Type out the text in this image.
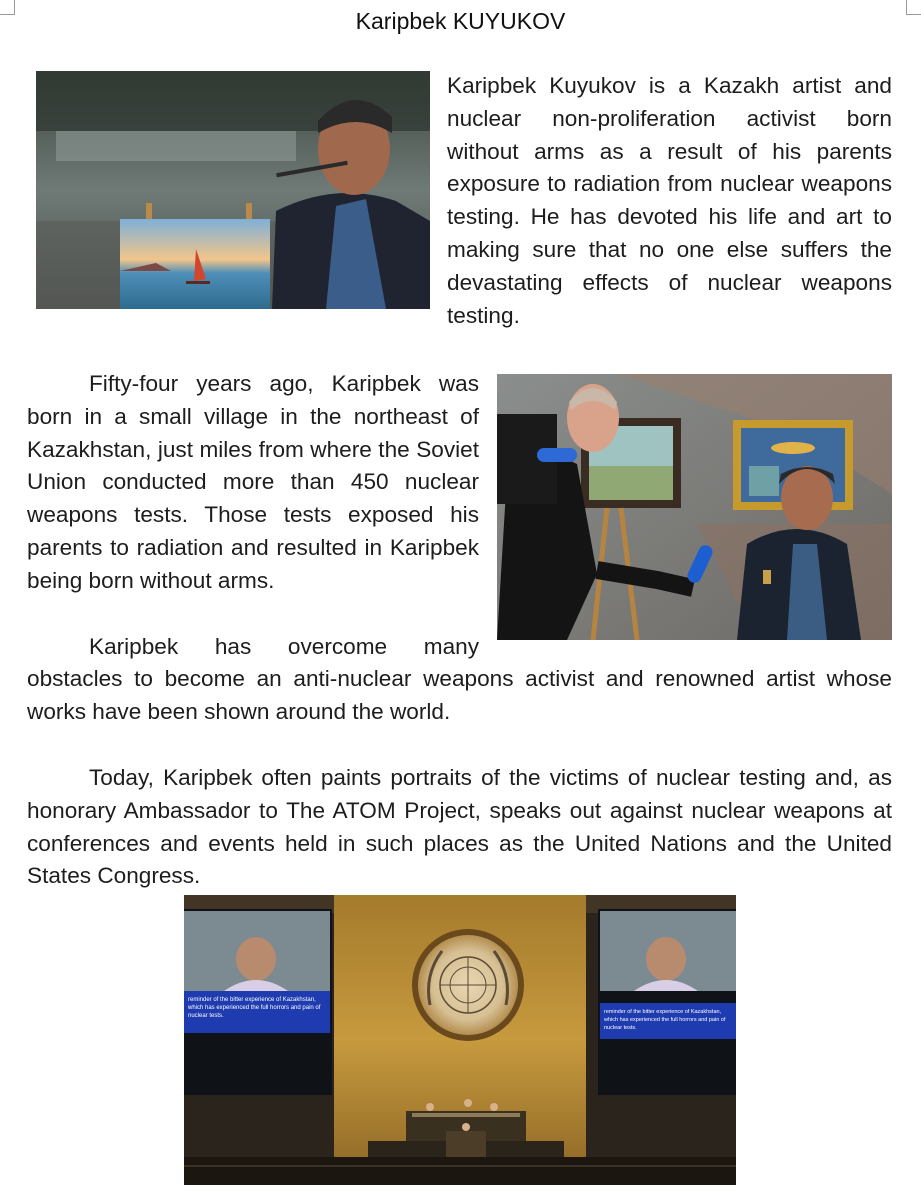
Karipbek KUYUKOV

Karipbek Kuyukov is a Kazakh artist and nuclear non-proliferation activist born without arms as a result of his parents exposure to radiation from nuclear weapons testing. He has devoted his life and art to making sure that no one else suffers the devastating effects of nuclear weapons testing.

Fifty-four years ago, Karipbek was born in a small village in the northeast of Kazakhstan, just miles from where the Soviet Union conducted more than 450 nuclear weapons tests. Those tests exposed his parents to radiation and resulted in Karipbek being born without arms.

Karipbek has overcome many

obstacles to become an anti-nuclear weapons activist and renowned artist whose works have been shown around the world.

Today, Karipbek often paints portraits of the victims of nuclear testing and, as honorary Ambassador to The ATOM Project, speaks out against nuclear weapons at conferences and events held in such places as the United Nations and the United States Congress.

reminder of the bitter experience of Kazakhstan, which has experienced the full horrors and pain of nuclear tests.
reminder of the bitter experience of Kazakhstan, which has experienced the full horrors and pain of nuclear tests.
